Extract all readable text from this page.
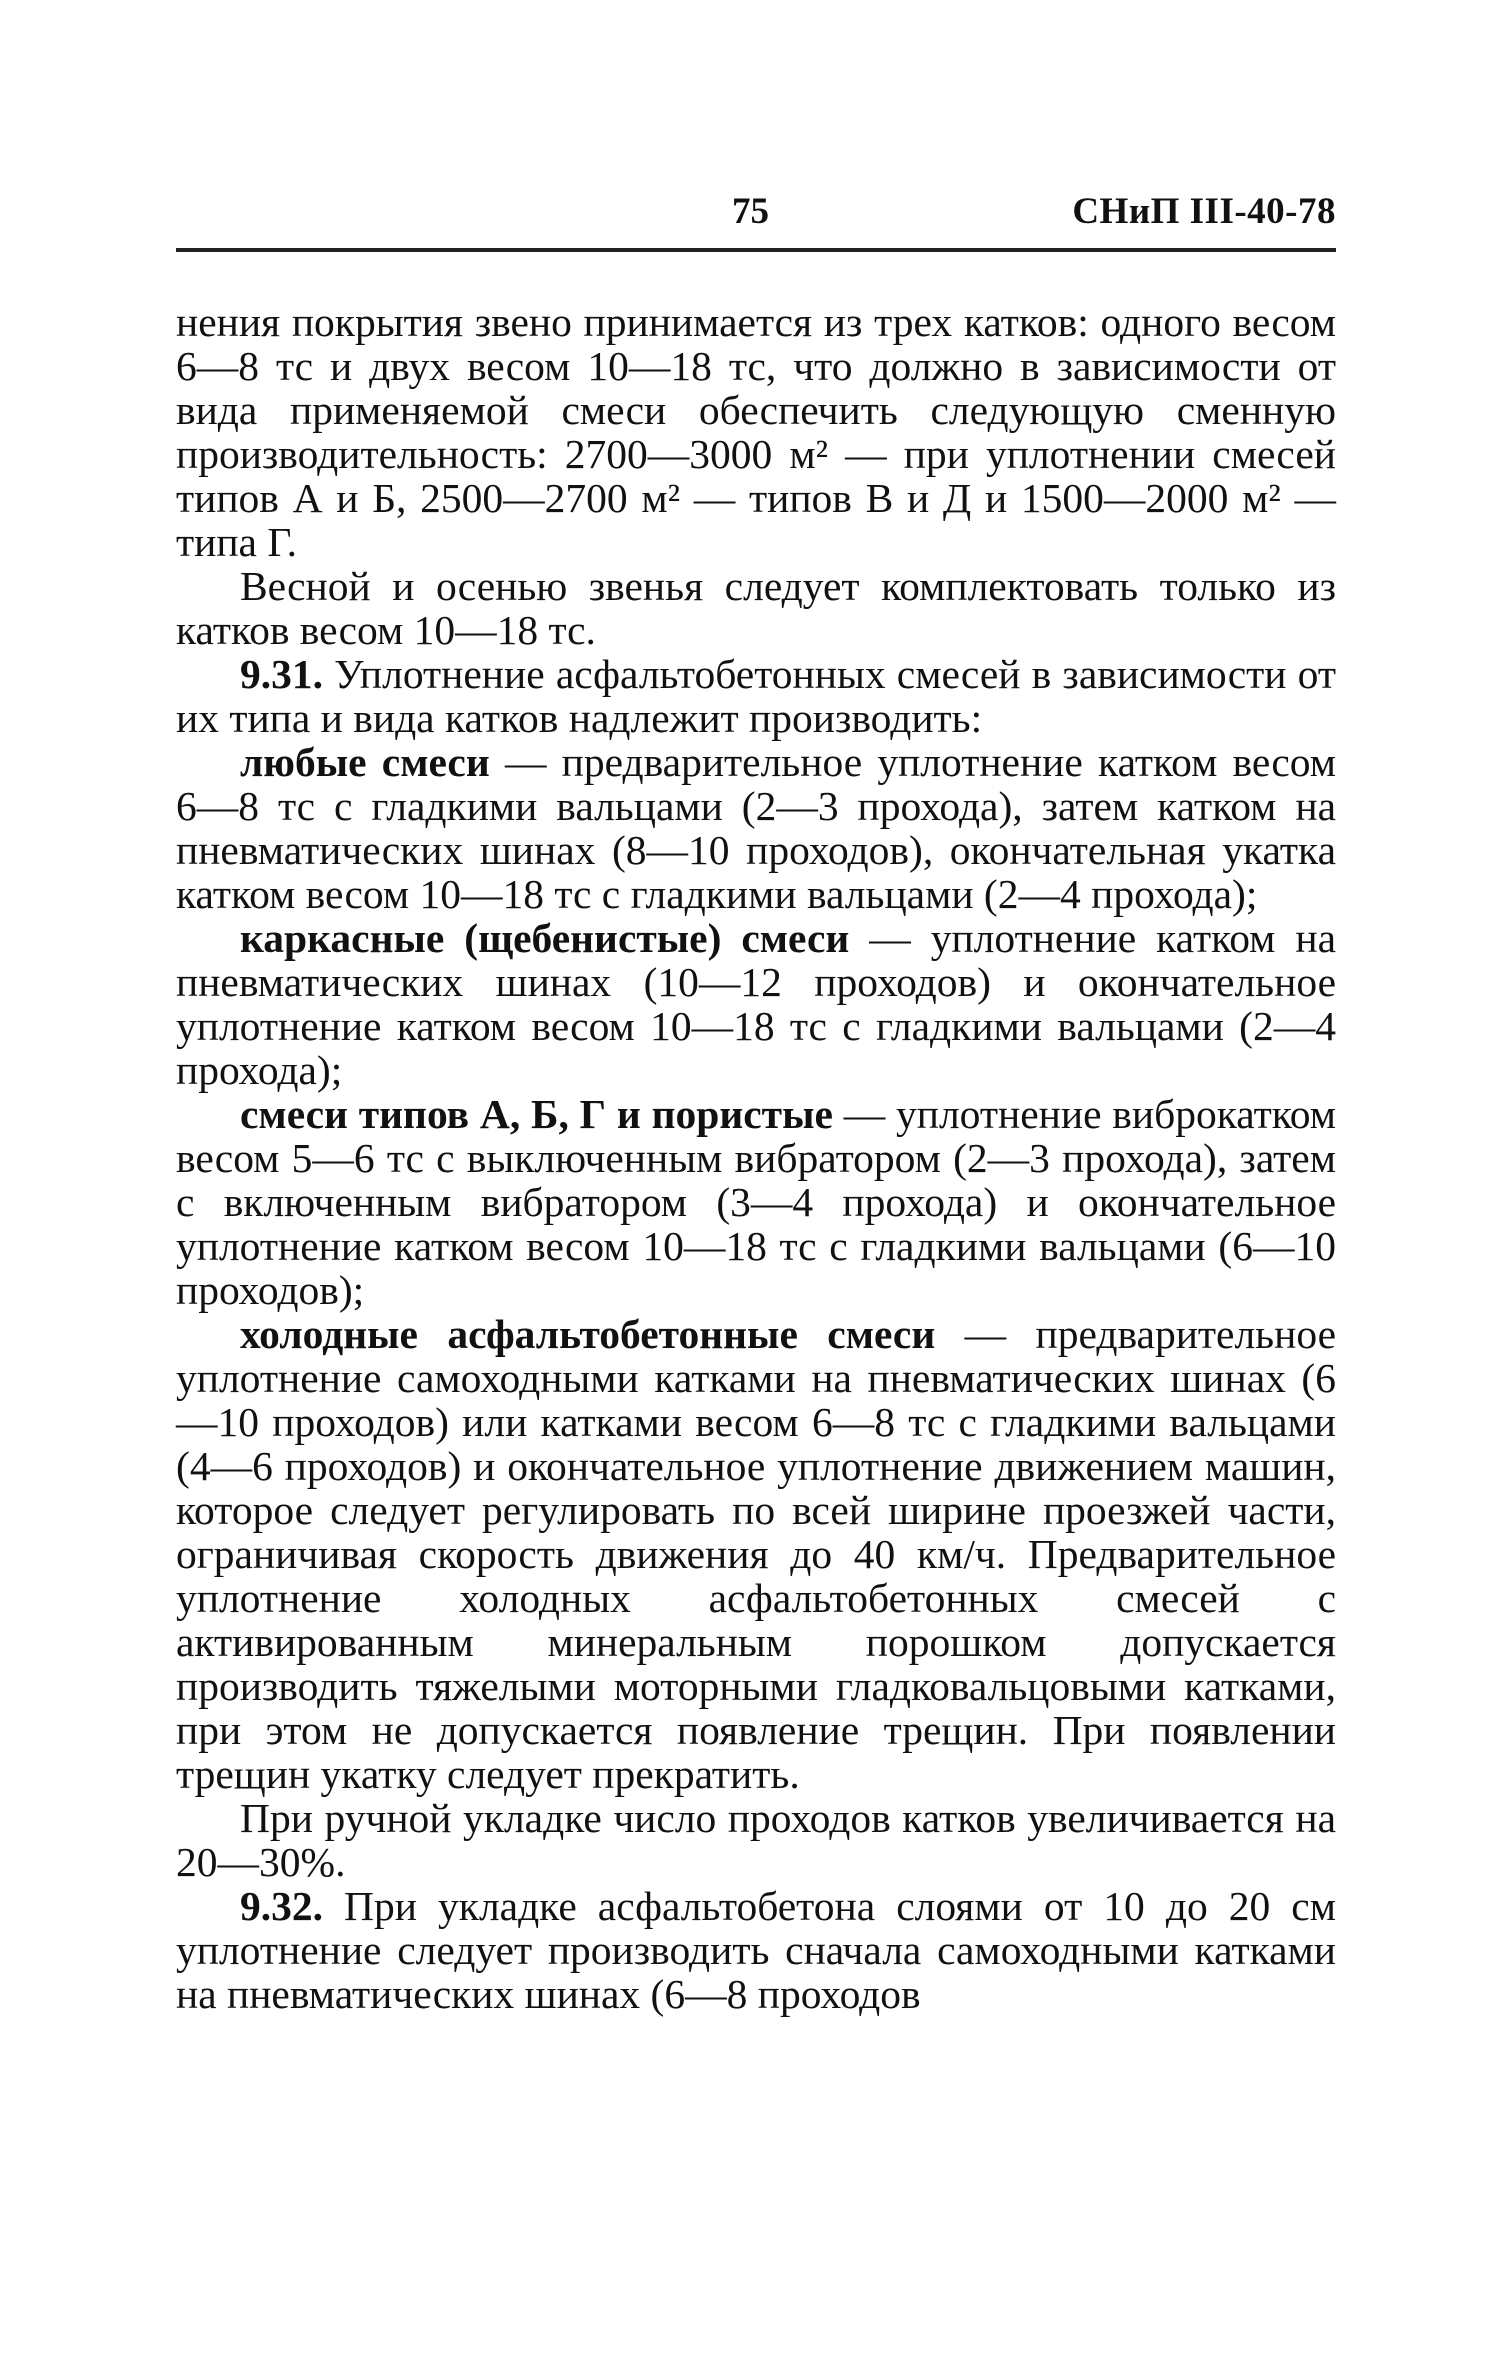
75	СНиП III-40-78

нения покрытия звено принимается из трех катков: одного весом 6—8 тс и двух весом 10—18 тс, что должно в зависимости от вида применяемой смеси обеспечить следующую сменную производительность: 2700—3000 м² — при уплотнении смесей типов А и Б, 2500—2700 м² — типов В и Д и 1500—2000 м² — типа Г.

Весной и осенью звенья следует комплектовать только из катков весом 10—18 тс.

9.31. Уплотнение асфальтобетонных смесей в зависимости от их типа и вида катков надлежит производить:

любые смеси — предварительное уплотнение катком весом 6—8 тс с гладкими вальцами (2—3 прохода), затем катком на пневматических шинах (8—10 проходов), окончательная укатка катком весом 10—18 тс с гладкими вальцами (2—4 прохода);

каркасные (щебенистые) смеси — уплотнение катком на пневматических шинах (10—12 проходов) и окончательное уплотнение катком весом 10—18 тс с гладкими вальцами (2—4 прохода);

смеси типов А, Б, Г и пористые — уплотнение виброкатком весом 5—6 тс с выключенным вибратором (2—3 прохода), затем с включенным вибратором (3—4 прохода) и окончательное уплотнение катком весом 10—18 тс с гладкими вальцами (6—10 проходов);

холодные асфальтобетонные смеси — предварительное уплотнение самоходными катками на пневматических шинах (6—10 проходов) или катками весом 6—8 тс с гладкими вальцами (4—6 проходов) и окончательное уплотнение движением машин, которое следует регулировать по всей ширине проезжей части, ограничивая скорость движения до 40 км/ч. Предварительное уплотнение холодных асфальтобетонных смесей с активированным минеральным порошком допускается производить тяжелыми моторными гладковальцовыми катками, при этом не допускается появление трещин. При появлении трещин укатку следует прекратить.

При ручной укладке число проходов катков увеличивается на 20—30%.

9.32. При укладке асфальтобетона слоями от 10 до 20 см уплотнение следует производить сначала самоходными катками на пневматических шинах (6—8 проходов
